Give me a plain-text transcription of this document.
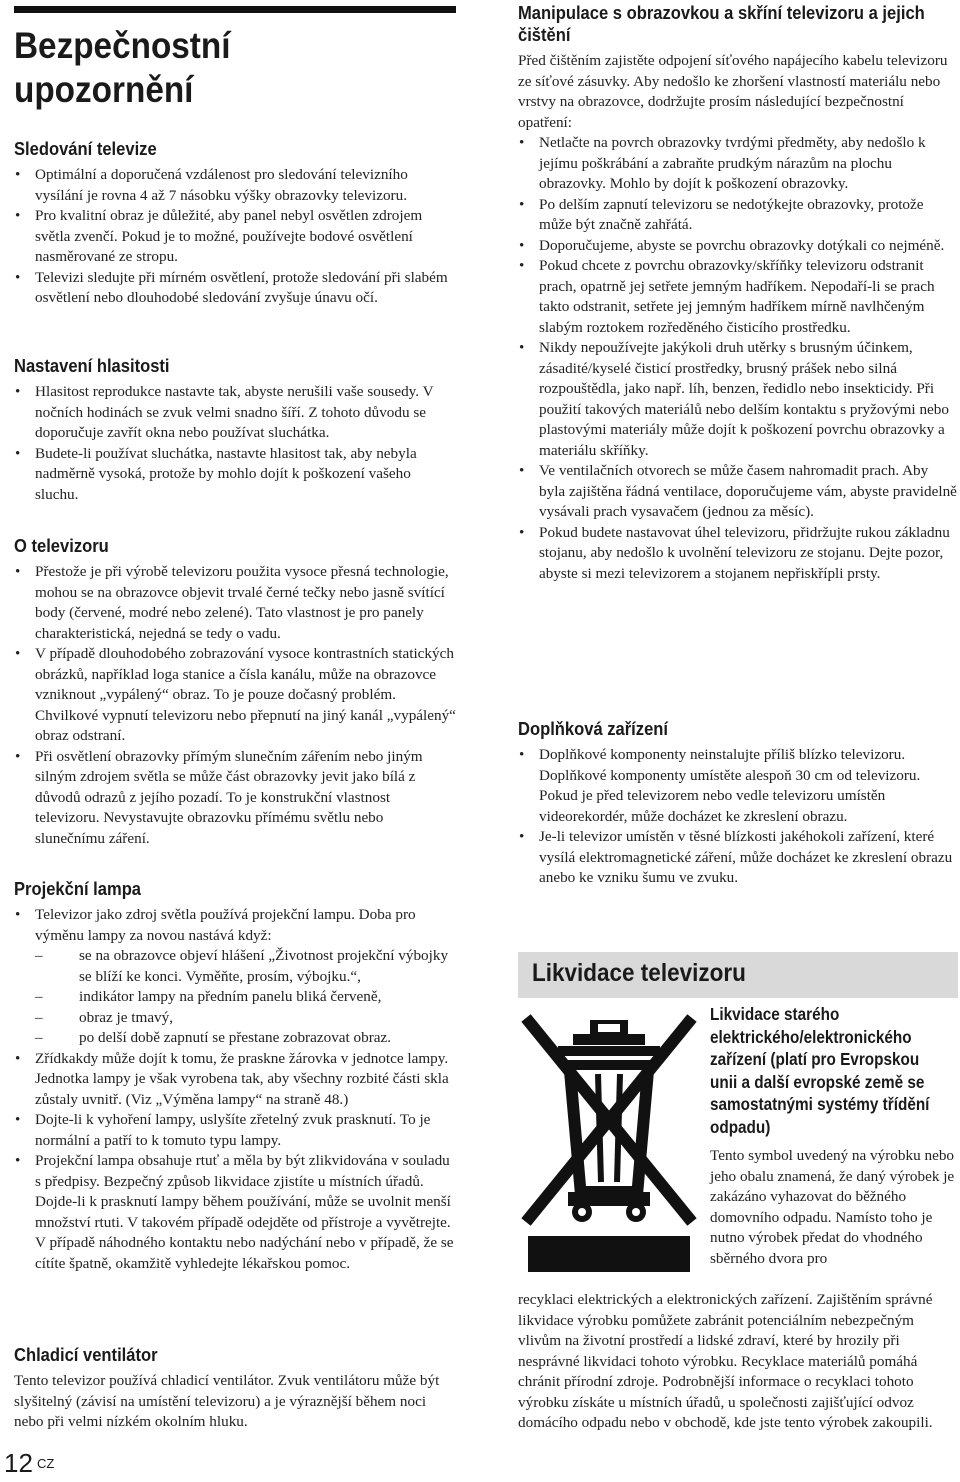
Bezpečnostní upozornění
Sledování televize
• Optimální a doporučená vzdálenost pro sledování televizního vysílání je rovna 4 až 7 násobku výšky obrazovky televizoru.
• Pro kvalitní obraz je důležité, aby panel nebyl osvětlen zdrojem světla zvenčí. Pokud je to možné, používejte bodové osvětlení nasměrované ze stropu.
• Televizi sledujte při mírném osvětlení, protože sledování při slabém osvětlení nebo dlouhodobé sledování zvyšuje únavu očí.
Nastavení hlasitosti
• Hlasitost reprodukce nastavte tak, abyste nerušili vaše sousedy. V nočních hodinách se zvuk velmi snadno šíří. Z tohoto důvodu se doporučuje zavřít okna nebo používat sluchátka.
• Budete-li používat sluchátka, nastavte hlasitost tak, aby nebyla nadměrně vysoká, protože by mohlo dojít k poškození vašeho sluchu.
O televizoru
• Přestože je při výrobě televizoru použita vysoce přesná technologie, mohou se na obrazovce objevit trvalé černé tečky nebo jasně svítící body (červené, modré nebo zelené). Tato vlastnost je pro panely charakteristická, nejedná se tedy o vadu.
• V případě dlouhodobého zobrazování vysoce kontrastních statických obrázků, například loga stanice a čísla kanálu, může na obrazovce vzniknout „vypálený“ obraz. To je pouze dočasný problém. Chvilkové vypnutí televizoru nebo přepnutí na jiný kanál „vypálený“ obraz odstraní.
• Při osvětlení obrazovky přímým slunečním zářením nebo jiným silným zdrojem světla se může část obrazovky jevit jako bílá z důvodů odrazů z jejího pozadí. To je konstrukční vlastnost televizoru. Nevystavujte obrazovku přímému světlu nebo slunečnímu záření.
Projekční lampa
• Televizor jako zdroj světla používá projekční lampu. Doba pro výměnu lampy za novou nastává když:
– se na obrazovce objeví hlášení „Životnost projekční výbojky se blíží ke konci. Vyměňte, prosím, výbojku.“,
– indikátor lampy na předním panelu bliká červeně,
– obraz je tmavý,
– po delší době zapnutí se přestane zobrazovat obraz.
• Zřídkakdy může dojít k tomu, že praskne žárovka v jednotce lampy. Jednotka lampy je však vyrobena tak, aby všechny rozbité části skla zůstaly uvnitř. (Viz „Výměna lampy“ na straně 48.)
• Dojte-li k vyhoření lampy, uslyšíte zřetelný zvuk prasknutí. To je normální a patří to k tomuto typu lampy.
• Projekční lampa obsahuje rtuť a měla by být zlikvidována v souladu s předpisy. Bezpečný způsob likvidace zjistíte u místních úřadů. Dojde-li k prasknutí lampy během používání, může se uvolnit menší množství rtuti. V takovém případě odejděte od přístroje a vyvětrejte. V případě náhodného kontaktu nebo nadýchání nebo v případě, že se cítíte špatně, okamžitě vyhledejte lékařskou pomoc.
Chladicí ventilátor

Tento televizor používá chladicí ventilátor. Zvuk ventilátoru může být slyšitelný (závisí na umístění televizoru) a je výraznější během noci nebo při velmi nízkém okolním hluku.

Manipulace s obrazovkou a skříní televizoru a jejich čištění

Před čištěním zajistěte odpojení síťového napájecího kabelu televizoru ze síťové zásuvky. Aby nedošlo ke zhoršení vlastností materiálu nebo vrstvy na obrazovce, dodržujte prosím následující bezpečnostní opatření:

• Netlačte na povrch obrazovky tvrdými předměty, aby nedošlo k jejímu poškrábání a zabraňte prudkým nárazům na plochu obrazovky. Mohlo by dojít k poškození obrazovky.
• Po delším zapnutí televizoru se nedotýkejte obrazovky, protože může být značně zahřátá.
• Doporučujeme, abyste se povrchu obrazovky dotýkali co nejméně.
• Pokud chcete z povrchu obrazovky/skříňky televizoru odstranit prach, opatrně jej setřete jemným hadříkem. Nepodaří-li se prach takto odstranit, setřete jej jemným hadříkem mírně navlhčeným slabým roztokem rozředěného čisticího prostředku.
• Nikdy nepoužívejte jakýkoli druh utěrky s brusným účinkem, zásadité/kyselé čisticí prostředky, brusný prášek nebo silná rozpouštědla, jako např. líh, benzen, ředidlo nebo insekticidy. Při použití takových materiálů nebo delším kontaktu s pryžovými nebo plastovými materiály může dojít k poškození povrchu obrazovky a materiálu skříňky.
• Ve ventilačních otvorech se může časem nahromadit prach. Aby byla zajištěna řádná ventilace, doporučujeme vám, abyste pravidelně vysávali prach vysavačem (jednou za měsíc).
• Pokud budete nastavovat úhel televizoru, přidržujte rukou základnu stojanu, aby nedošlo k uvolnění televizoru ze stojanu. Dejte pozor, abyste si mezi televizorem a stojanem nepřiskřípli prsty.
Doplňková zařízení
• Doplňkové komponenty neinstalujte příliš blízko televizoru. Doplňkové komponenty umístěte alespoň 30 cm od televizoru. Pokud je před televizorem nebo vedle televizoru umístěn videorekordér, může docházet ke zkreslení obrazu.
• Je-li televizor umístěn v těsné blízkosti jakéhokoli zařízení, které vysílá elektromagnetické záření, může docházet ke zkreslení obrazu anebo ke vzniku šumu ve zvuku.
Likvidace televizoru
Likvidace starého elektrického/elektronického zařízení (platí pro Evropskou unii a další evropské země se samostatnými systémy třídění odpadu)

Tento symbol uvedený na výrobku nebo jeho obalu znamená, že daný výrobek je zakázáno vyhazovat do běžného domovního odpadu. Namísto toho je nutno výrobek předat do vhodného sběrného dvora pro

recyklaci elektrických a elektronických zařízení. Zajištěním správné likvidace výrobku pomůžete zabránit potenciálním nebezpečným vlivům na životní prostředí a lidské zdraví, které by hrozily při nesprávné likvidaci tohoto výrobku. Recyklace materiálů pomáhá chránit přírodní zdroje. Podrobnější informace o recyklaci tohoto výrobku získáte u místních úřadů, u společnosti zajišťující odvoz domácího odpadu nebo v obchodě, kde jste tento výrobek zakoupili.

12 CZ
